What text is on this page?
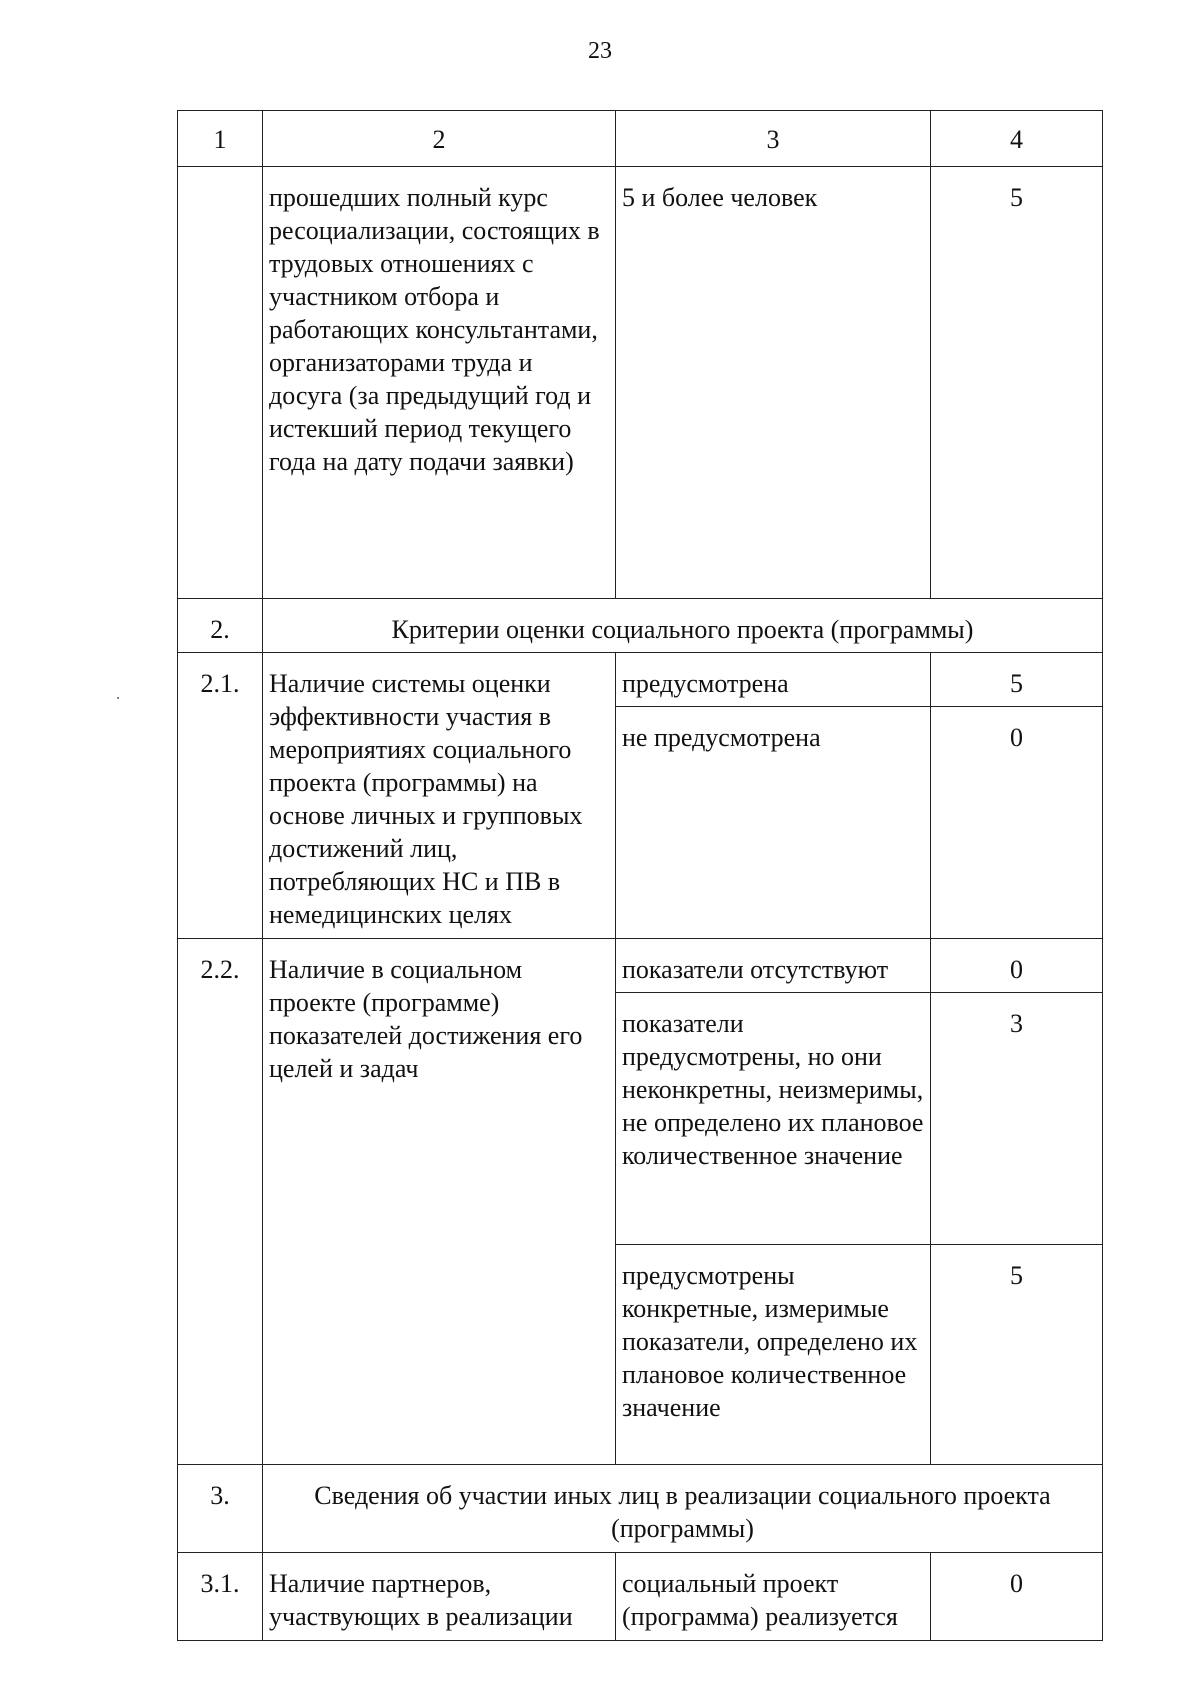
23
1	2	3	4
	прошедших полный курс ресоциализации, состоящих в трудовых отношениях с участником отбора и работающих консультантами, организаторами труда и досуга (за предыдущий год и истекший период текущего года на дату подачи заявки)	5 и более человек	5
2.	Критерии оценки социального проекта (программы)		
2.1.	Наличие системы оценки эффективности участия в мероприятиях социального проекта (программы) на основе личных и групповых достижений лиц, потребляющих НС и ПВ в немедицинских целях	предусмотрена	5
		не предусмотрена	0
2.2.	Наличие в социальном проекте (программе) показателей достижения его целей и задач	показатели отсутствуют	0
		показатели предусмотрены, но они неконкретны, неизмеримы, не определено их плановое количественное значение	3
		предусмотрены конкретные, измеримые показатели, определено их плановое количественное значение	5
3.	Сведения об участии иных лиц в реализации социального проекта (программы)		
3.1.	Наличие партнеров, участвующих в реализации	социальный проект (программа) реализуется	0
